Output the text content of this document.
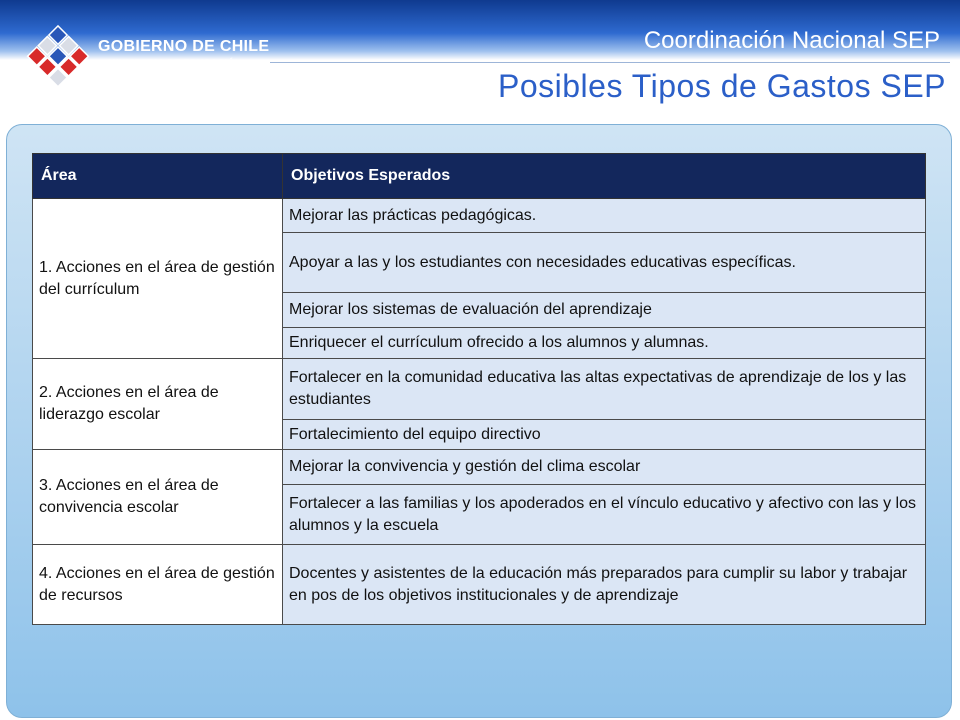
GOBIERNO DE CHILE
MINISTERIO DE EDUCACIÓN
Coordinación Nacional SEP
Posibles Tipos de Gastos SEP
Área	Objetivos Esperados
1. Acciones en el área de gestión del currículum	Mejorar las prácticas pedagógicas.
	Apoyar a las y los estudiantes con necesidades educativas específicas.
	Mejorar los sistemas de evaluación del aprendizaje
	Enriquecer el currículum ofrecido a los alumnos y alumnas.
2. Acciones en el área de liderazgo escolar	Fortalecer en la comunidad educativa las altas expectativas de aprendizaje de los y las estudiantes
	Fortalecimiento del equipo directivo
3. Acciones en el área de convivencia escolar	Mejorar la convivencia y gestión del clima escolar
	Fortalecer a las familias y los apoderados en el vínculo educativo y afectivo con las y los alumnos y la escuela
4. Acciones en el área de gestión de recursos	Docentes y asistentes de la educación más preparados para cumplir su labor y trabajar en pos de los objetivos institucionales y de aprendizaje
